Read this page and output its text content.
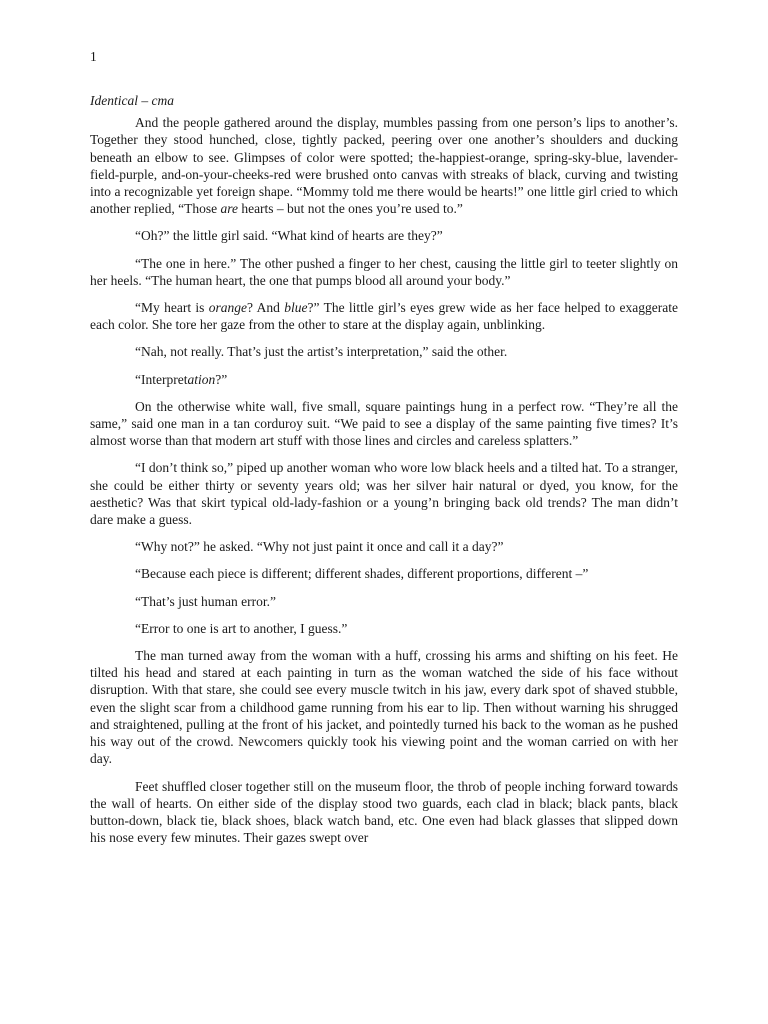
1

Identical – cma

And the people gathered around the display, mumbles passing from one person’s lips to another’s. Together they stood hunched, close, tightly packed, peering over one another’s shoulders and ducking beneath an elbow to see. Glimpses of color were spotted; the-happiest-orange, spring-sky-blue, lavender-field-purple, and-on-your-cheeks-red were brushed onto canvas with streaks of black, curving and twisting into a recognizable yet foreign shape. “Mommy told me there would be hearts!” one little girl cried to which another replied, “Those are hearts – but not the ones you’re used to.”

“Oh?” the little girl said. “What kind of hearts are they?”

“The one in here.” The other pushed a finger to her chest, causing the little girl to teeter slightly on her heels. “The human heart, the one that pumps blood all around your body.”

“My heart is orange? And blue?” The little girl’s eyes grew wide as her face helped to exaggerate each color. She tore her gaze from the other to stare at the display again, unblinking.

“Nah, not really. That’s just the artist’s interpretation,” said the other.

“Interpretation?”

On the otherwise white wall, five small, square paintings hung in a perfect row. “They’re all the same,” said one man in a tan corduroy suit. “We paid to see a display of the same painting five times? It’s almost worse than that modern art stuff with those lines and circles and careless splatters.”

“I don’t think so,” piped up another woman who wore low black heels and a tilted hat. To a stranger, she could be either thirty or seventy years old; was her silver hair natural or dyed, you know, for the aesthetic? Was that skirt typical old-lady-fashion or a young’n bringing back old trends? The man didn’t dare make a guess.

“Why not?” he asked. “Why not just paint it once and call it a day?”

“Because each piece is different; different shades, different proportions, different –”

“That’s just human error.”

“Error to one is art to another, I guess.”

The man turned away from the woman with a huff, crossing his arms and shifting on his feet. He tilted his head and stared at each painting in turn as the woman watched the side of his face without disruption. With that stare, she could see every muscle twitch in his jaw, every dark spot of shaved stubble, even the slight scar from a childhood game running from his ear to lip. Then without warning his shrugged and straightened, pulling at the front of his jacket, and pointedly turned his back to the woman as he pushed his way out of the crowd. Newcomers quickly took his viewing point and the woman carried on with her day.

Feet shuffled closer together still on the museum floor, the throb of people inching forward towards the wall of hearts. On either side of the display stood two guards, each clad in black; black pants, black button-down, black tie, black shoes, black watch band, etc. One even had black glasses that slipped down his nose every few minutes. Their gazes swept over
